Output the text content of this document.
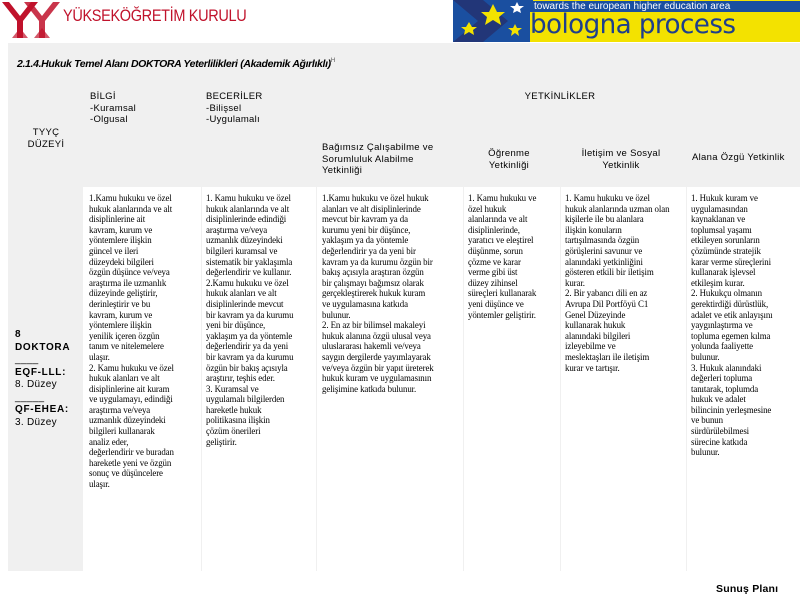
YÜKSEKÖĞRETİM KURULU
towards the european higher education area
bologna process
2.1.4.Hukuk Temel Alanı DOKTORA Yeterlilikleri (Akademik Ağırlıklı)$^H$
TYYÇ
DÜZEYİ
BİLGİ
-Kuramsal
-Olgusal
BECERİLER
-Bilişsel
-Uygulamalı
YETKİNLİKLER
Bağımsız Çalışabilme ve
Sorumluluk Alabilme
Yetkinliği
Öğrenme
Yetkinliği
İletişim ve Sosyal
Yetkinlik
Alana Özgü Yetkinlik
8
DOKTORA
____
EQF-LLL:
8. Düzey
_____
QF-EHEA:
3. Düzey
1.Kamu hukuku ve özel
hukuk alanlarında ve alt
disiplinlerine ait
kavram, kurum ve
yöntemlere ilişkin
güncel ve ileri
düzeydeki bilgileri
özgün düşünce ve/veya
araştırma ile uzmanlık
düzeyinde geliştirir,
derinleştirir ve bu
kavram, kurum ve
yöntemlere ilişkin
yenilik içeren özgün
tanım ve nitelemelere
ulaşır.
2. Kamu hukuku ve özel
hukuk alanları ve alt
disiplinlerine ait kuram
ve uygulamayı, edindiği
araştırma ve/veya
uzmanlık düzeyindeki
bilgileri kullanarak
analiz eder,
değerlendirir ve buradan
hareketle yeni ve özgün
sonuç ve düşüncelere
ulaşır.
1. Kamu hukuku ve özel
hukuk alanlarında ve alt
disiplinlerinde edindiği
araştırma ve/veya
uzmanlık düzeyindeki
bilgileri kuramsal ve
sistematik bir yaklaşımla
değerlendirir ve kullanır.
2.Kamu hukuku ve özel
hukuk alanları ve alt
disiplinlerinde mevcut
bir kavram ya da kurumu
yeni bir düşünce,
yaklaşım ya da yöntemle
değerlendirir ya da yeni
bir kavram ya da kurumu
özgün bir bakış açısıyla
araştırır, teşhis eder.
3. Kuramsal ve
uygulamalı bilgilerden
hareketle hukuk
politikasına ilişkin
çözüm önerileri
geliştirir.
1.Kamu hukuku ve özel hukuk
alanları ve alt disiplinlerinde
mevcut bir kavram ya da
kurumu yeni bir düşünce,
yaklaşım ya da yöntemle
değerlendirir ya da yeni bir
kavram ya da kurumu özgün bir
bakış açısıyla araştıran özgün
bir çalışmayı bağımsız olarak
gerçekleştirerek hukuk kuram
ve uygulamasına katkıda
bulunur.
2. En az bir bilimsel makaleyi
hukuk alanına özgü ulusal veya
uluslararası hakemli ve/veya
saygın dergilerde yayımlayarak
ve/veya özgün bir yapıt üreterek
hukuk kuram ve uygulamasının
gelişimine katkıda bulunur.
1. Kamu hukuku ve
özel hukuk
alanlarında ve alt
disiplinlerinde,
yaratıcı ve eleştirel
düşünme, sorun
çözme ve karar
verme gibi üst
düzey zihinsel
süreçleri kullanarak
yeni düşünce ve
yöntemler geliştirir.
1. Kamu hukuku ve özel
hukuk alanlarında uzman olan
kişilerle ile bu alanlara
ilişkin konuların
tartışılmasında özgün
görüşlerini savunur ve
alanındaki yetkinliğini
gösteren etkili bir iletişim
kurar.
2. Bir yabancı dili en az
Avrupa Dil Portföyü C1
Genel Düzeyinde
kullanarak hukuk
alanındaki bilgileri
izleyebilme ve
meslektaşları ile iletişim
kurar ve tartışır.
1. Hukuk kuram ve
uygulamasından
kaynaklanan ve
toplumsal yaşamı
etkileyen sorunların
çözümünde stratejik
karar verme süreçlerini
kullanarak işlevsel
etkileşim kurar.
2. Hukukçu olmanın
gerektirdiği dürüstlük,
adalet ve etik anlayışını
yaygınlaştırma ve
topluma egemen kılma
yolunda faaliyette
bulunur.
3. Hukuk alanındaki
değerleri topluma
tanıtarak, toplumda
hukuk ve adalet
bilincinin yerleşmesine
ve bunun
sürdürülebilmesi
sürecine katkıda
bulunur.
Sunuş Planı
